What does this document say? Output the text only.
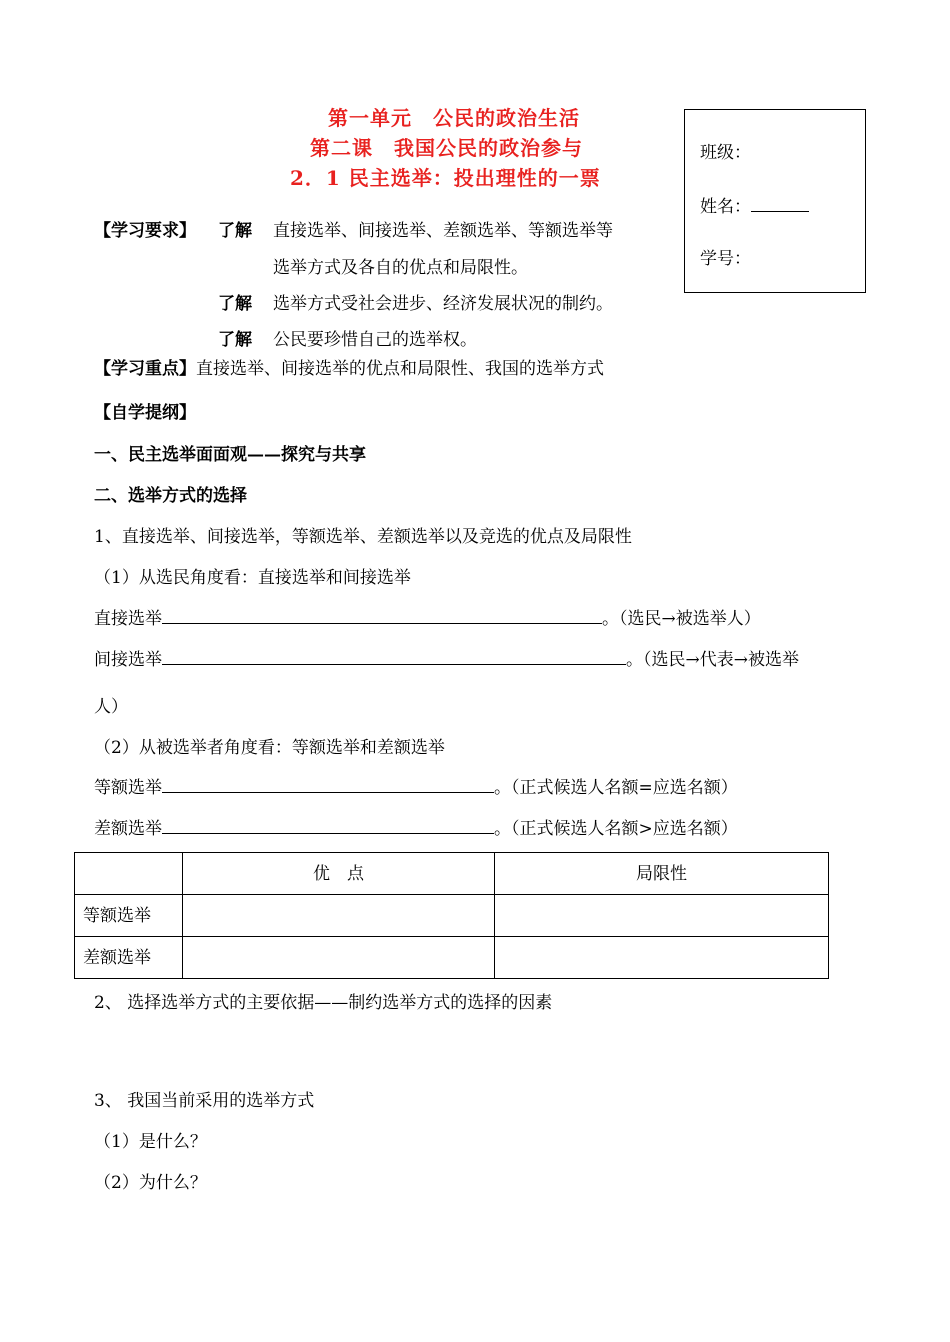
第一单元　公民的政治生活
第二课　我国公民的政治参与
2．1 民主选举：投出理性的一票
班级：
姓名：
学号：
【学习要求】 了解 直接选举、间接选举、差额选举、等额选举等
选举方式及各自的优点和局限性。
了解 选举方式受社会进步、经济发展状况的制约。
了解 公民要珍惜自己的选举权。
【学习重点】直接选举、间接选举的优点和局限性、我国的选举方式
【自学提纲】
一、民主选举面面观——探究与共享
二、选举方式的选择
1、直接选举、间接选举，等额选举、差额选举以及竞选的优点及局限性
（1）从选民角度看：直接选举和间接选举
直接选举	。（选民→被选举人）
间接选举	。（选民→代表→被选举
人）
（2）从被选举者角度看：等额选举和差额选举
等额选举	。（正式候选人名额=应选名额）
差额选举	。（正式候选人名额>应选名额）
	优　点	局限性
等额选举		
差额选举		
2、 选择选举方式的主要依据——制约选举方式的选择的因素
3、 我国当前采用的选举方式
（1）是什么？
（2）为什么？
